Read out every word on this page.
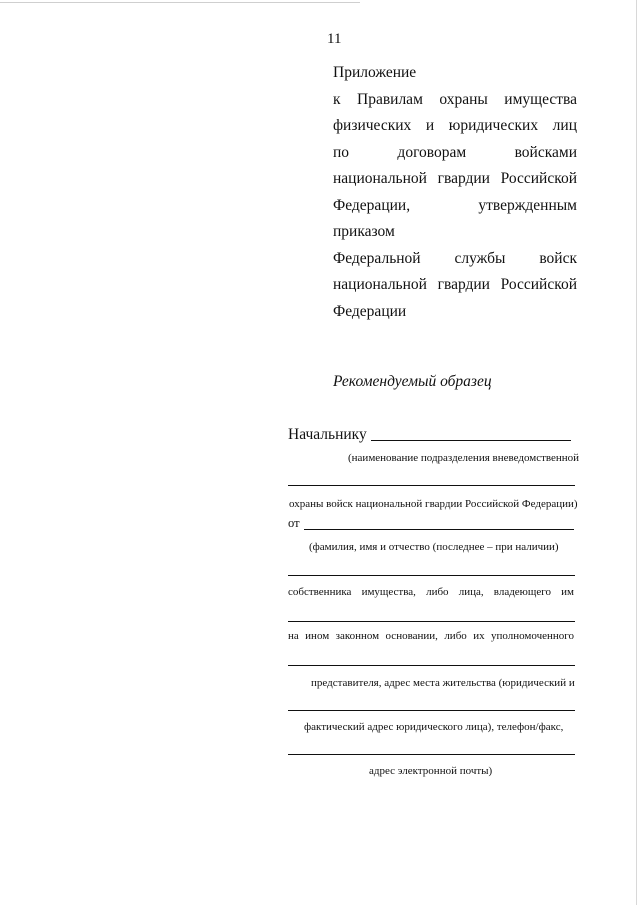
11
Приложение
к Правилам охраны имущества
физических и юридических лиц
по договорам войсками
национальной гвардии Российской
Федерации, утвержденным приказом
Федеральной службы войск
национальной гвардии Российской
Федерации
Рекомендуемый образец
Начальнику
(наименование подразделения вневедомственной
охраны войск национальной гвардии Российской Федерации)
от
(фамилия, имя и отчество (последнее – при наличии)
собственника имущества, либо лица, владеющего им
на ином законном основании, либо их уполномоченного
представителя, адрес места жительства (юридический и
фактический адрес юридического лица), телефон/факс,
адрес электронной почты)
